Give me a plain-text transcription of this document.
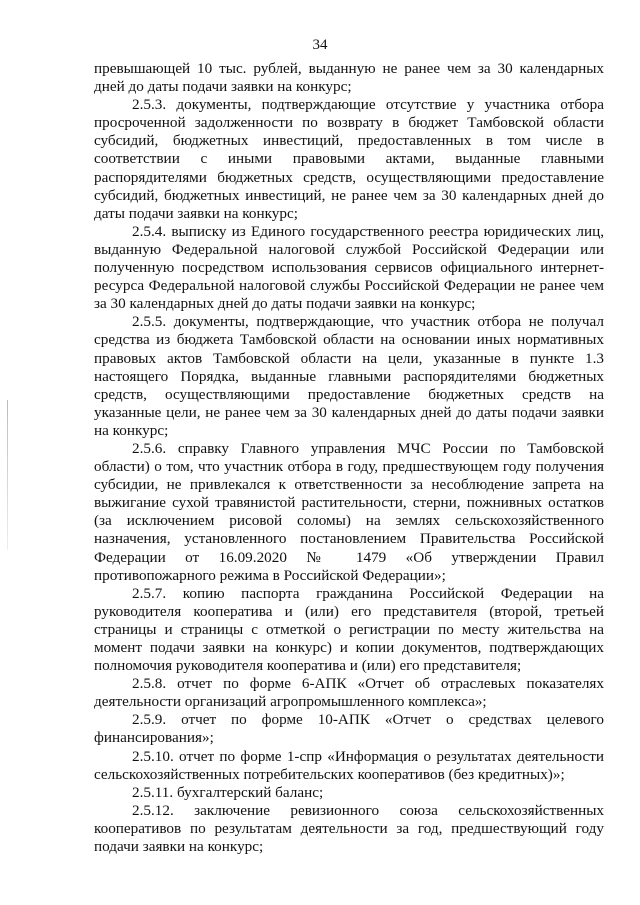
34

превышающей 10 тыс. рублей, выданную не ранее чем за 30 календарных дней до даты подачи заявки на конкурс;

2.5.3. документы, подтверждающие отсутствие у участника отбора просроченной задолженности по возврату в бюджет Тамбовской области субсидий, бюджетных инвестиций, предоставленных в том числе в соответствии с иными правовыми актами, выданные главными распорядителями бюджетных средств, осуществляющими предоставление субсидий, бюджетных инвестиций, не ранее чем за 30 календарных дней до даты подачи заявки на конкурс;

2.5.4. выписку из Единого государственного реестра юридических лиц, выданную Федеральной налоговой службой Российской Федерации или полученную посредством использования сервисов официального интернет-ресурса Федеральной налоговой службы Российской Федерации не ранее чем за 30 календарных дней до даты подачи заявки на конкурс;

2.5.5. документы, подтверждающие, что участник отбора не получал средства из бюджета Тамбовской области на основании иных нормативных правовых актов Тамбовской области на цели, указанные в пункте 1.3 настоящего Порядка, выданные главными распорядителями бюджетных средств, осуществляющими предоставление бюджетных средств на указанные цели, не ранее чем за 30 календарных дней до даты подачи заявки на конкурс;

2.5.6. справку Главного управления МЧС России по Тамбовской области) о том, что участник отбора в году, предшествующем году получения субсидии, не привлекался к ответственности за несоблюдение запрета на выжигание сухой травянистой растительности, стерни, пожнивных остатков (за исключением рисовой соломы) на землях сельскохозяйственного назначения, установленного постановлением Правительства Российской Федерации от 16.09.2020 № 1479 «Об утверждении Правил противопожарного режима в Российской Федерации»;

2.5.7. копию паспорта гражданина Российской Федерации на руководителя кооператива и (или) его представителя (второй, третьей страницы и страницы с отметкой о регистрации по месту жительства на момент подачи заявки на конкурс) и копии документов, подтверждающих полномочия руководителя кооператива и (или) его представителя;

2.5.8. отчет по форме 6-АПК «Отчет об отраслевых показателях деятельности организаций агропромышленного комплекса»;

2.5.9. отчет по форме 10-АПК «Отчет о средствах целевого финансирования»;

2.5.10. отчет по форме 1-спр «Информация о результатах деятельности сельскохозяйственных потребительских кооперативов (без кредитных)»;

2.5.11. бухгалтерский баланс;

2.5.12. заключение ревизионного союза сельскохозяйственных кооперативов по результатам деятельности за год, предшествующий году подачи заявки на конкурс;
